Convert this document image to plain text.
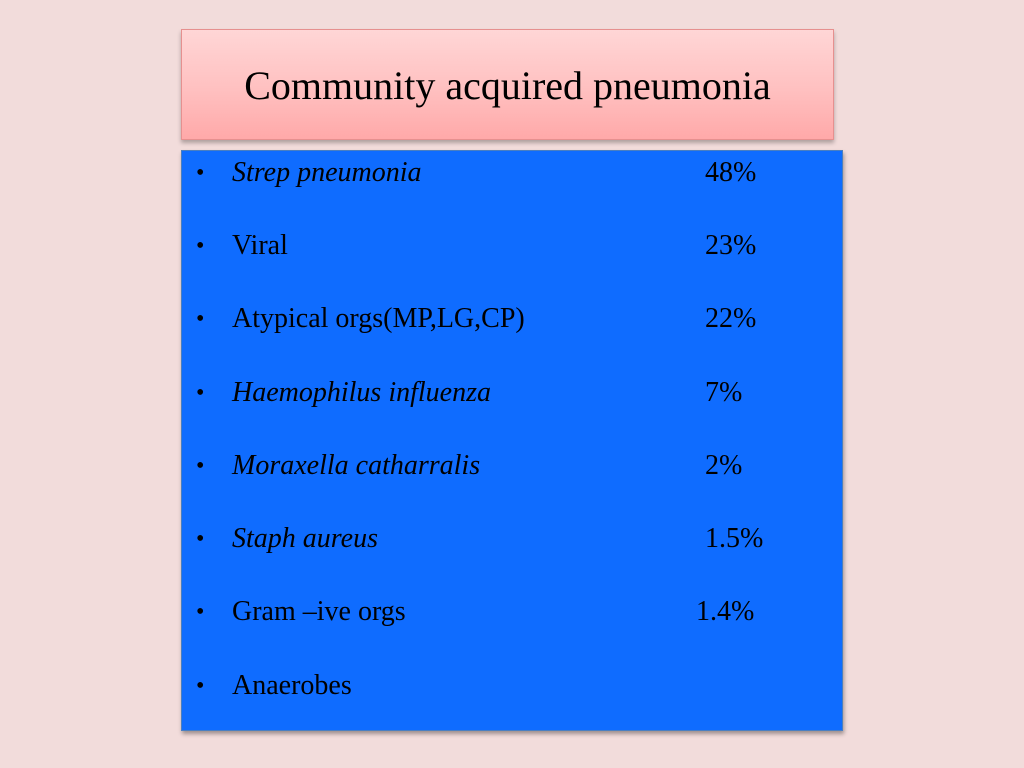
Community acquired pneumonia
• Strep pneumonia	48%
• Viral	23%
• Atypical orgs(MP,LG,CP)	22%
• Haemophilus influenza	7%
• Moraxella catharralis	2%
• Staph aureus	1.5%
• Gram –ive orgs	1.4%
• Anaerobes
